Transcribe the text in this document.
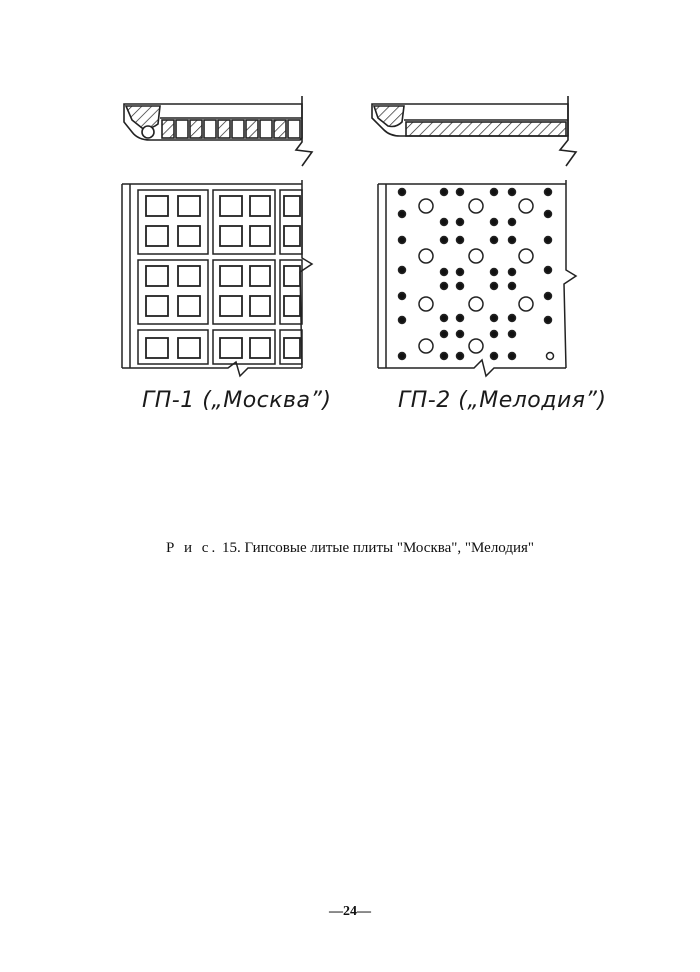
ГП-1 („Москва”)	ГП-2 („Мелодия”)
Р и с. 15. Гипсовые литые плиты "Москва", "Мелодия"
—24—
